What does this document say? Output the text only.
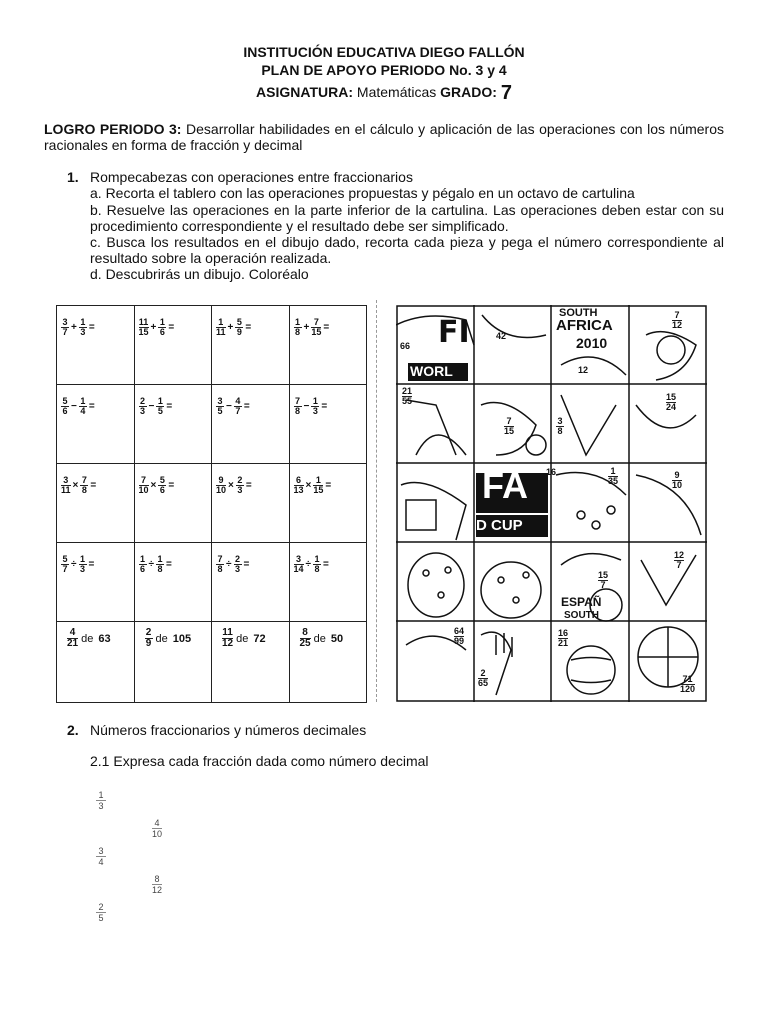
INSTITUCIÓN EDUCATIVA DIEGO FALLÓN
PLAN DE APOYO PERIODO No. 3 y 4
ASIGNATURA: Matemáticas GRADO: 7
LOGRO PERIODO 3: Desarrollar habilidades en el cálculo y aplicación de las operaciones con los números racionales en forma de fracción y decimal
1. Rompecabezas con operaciones entre fraccionarios
a. Recorta el tablero con las operaciones propuestas y pégalo en un octavo de cartulina
b. Resuelve las operaciones en la parte inferior de la cartulina. Las operaciones deben estar con su procedimiento correspondiente y el resultado debe ser simplificado.
c. Busca los resultados en el dibujo dado, recorta cada pieza y pega el número correspondiente al resultado sobre la operación realizada.
d. Descubrirás un dibujo. Coloréalo
$\frac{3}{7} + \frac{1}{3}$ =	$\frac{11}{15} + \frac{1}{6}$ =	$\frac{1}{11} + \frac{5}{9}$ =	$\frac{1}{8} + \frac{7}{15}$ =
$\frac{5}{6} - \frac{1}{4}$ =	$\frac{2}{3} - \frac{1}{5}$ =	$\frac{3}{5} - \frac{4}{7}$ =	$\frac{7}{8} - \frac{1}{3}$ =
$\frac{3}{11} \times \frac{7}{8}$ =	$\frac{7}{10} \times \frac{5}{6}$ =	$\frac{9}{10} \times \frac{2}{3}$ =	$\frac{6}{13} \times \frac{1}{15}$ =
$\frac{5}{7} \div \frac{1}{3}$ =	$\frac{1}{6} \div \frac{1}{8}$ =	$\frac{7}{8} \div \frac{2}{3}$ =	$\frac{3}{14} \div \frac{1}{8}$ =
$\frac{4}{21}$ de 63	$\frac{2}{9}$ de 105	$\frac{11}{12}$ de 72	$\frac{8}{25}$ de 50
FI
WORL
SOUTH
AFRICA
2010
FA
D CUP
ESPAÑ
SOUTH
66
42
12
16
7
12
21
55
7
15
3
8
15
24
1
35
9
10
15
7
12
7
64
99
2
65
16
21
71
120
2. Números fraccionarios y números decimales
2.1 Expresa cada fracción dada como número decimal
1
3
4
10
3
4
8
12
2
5
